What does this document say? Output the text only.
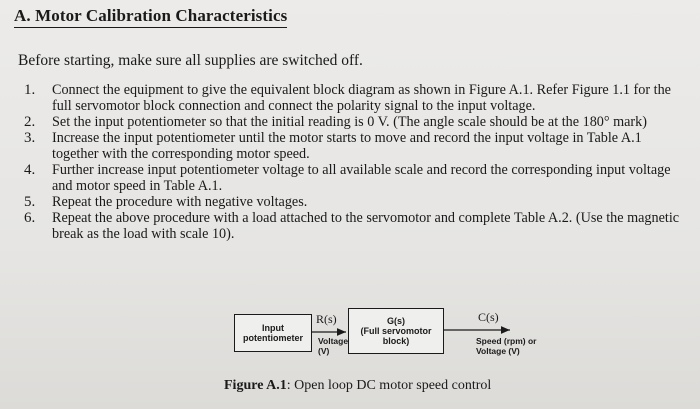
A. Motor Calibration Characteristics
Before starting, make sure all supplies are switched off.
1. Connect the equipment to give the equivalent block diagram as shown in Figure A.1. Refer Figure 1.1 for the full servomotor block connection and connect the polarity signal to the input voltage.
2. Set the input potentiometer so that the initial reading is 0 V. (The angle scale should be at the 180° mark)
3. Increase the input potentiometer until the motor starts to move and record the input voltage in Table A.1 together with the corresponding motor speed.
4. Further increase input potentiometer voltage to all available scale and record the corresponding input voltage and motor speed in Table A.1.
5. Repeat the procedure with negative voltages.
6. Repeat the above procedure with a load attached to the servomotor and complete Table A.2. (Use the magnetic break as the load with scale 10).
Input
potentiometer
R(s)
Voltage
(V)
G(s)
(Full servomotor
block)
C(s)
Speed (rpm) or
Voltage (V)
Figure A.1: Open loop DC motor speed control
